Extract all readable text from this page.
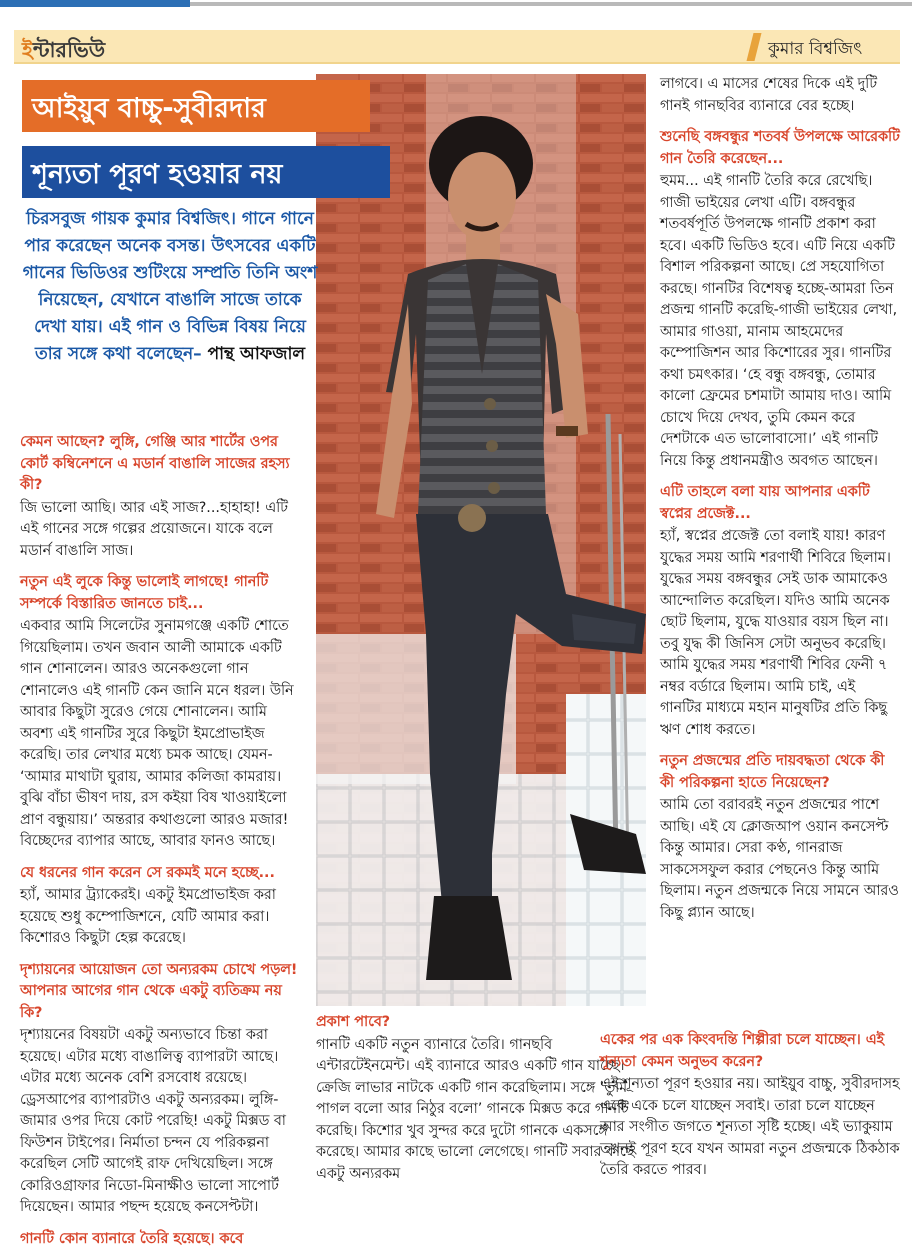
ইন্টারভিউ	কুমার বিশ্বজিৎ
আইয়ুব বাচ্চু-সুবীরদার
শূন্যতা পূরণ হওয়ার নয়
চিরসবুজ গায়ক কুমার বিশ্বজিৎ। গানে গানে পার করেছেন অনেক বসন্ত। উৎসবের একটি গানের ভিডিওর শুটিংয়ে সম্প্রতি তিনি অংশ নিয়েছেন, যেখানে বাঙালি সাজে তাকে দেখা যায়। এই গান ও বিভিন্ন বিষয় নিয়ে তার সঙ্গে কথা বলেছেন– পান্থ আফজাল

কেমন আছেন? লুঙ্গি, গেঞ্জি আর শার্টের ওপর কোর্ট কম্বিনেশনে এ মডার্ন বাঙালি সাজের রহস্য কী?

জি ভালো আছি। আর এই সাজ?...হাহাহা! এটি এই গানের সঙ্গে গল্পের প্রয়োজনে। যাকে বলে মডার্ন বাঙালি সাজ।

নতুন এই লুকে কিন্তু ভালোই লাগছে! গানটি সম্পর্কে বিস্তারিত জানতে চাই...

একবার আমি সিলেটের সুনামগঞ্জে একটি শোতে গিয়েছিলাম। তখন জবান আলী আমাকে একটি গান শোনালেন। আরও অনেকগুলো গান শোনালেও এই গানটি কেন জানি মনে ধরল। উনি আবার কিছুটা সুরেও গেয়ে শোনালেন। আমি অবশ্য এই গানটির সুরে কিছুটা ইমপ্রোভাইজ করেছি। তার লেখার মধ্যে চমক আছে। যেমন- ‘আমার মাথাটা ঘুরায়, আমার কলিজা কামরায়। বুঝি বাঁচা ভীষণ দায়, রস কইয়া বিষ খাওয়াইলো প্রাণ বন্ধুয়ায়।’ অন্তরার কথাগুলো আরও মজার! বিচ্ছেদের ব্যাপার আছে, আবার ফানও আছে।

যে ধরনের গান করেন সে রকমই মনে হচ্ছে...

হ্যাঁ, আমার ট্র্যাকেরই। একটু ইমপ্রোভাইজ করা হয়েছে শুধু কম্পোজিশনে, যেটি আমার করা। কিশোরও কিছুটা হেল্প করেছে।

দৃশ্যায়নের আয়োজন তো অন্যরকম চোখে পড়ল! আপনার আগের গান থেকে একটু ব্যতিক্রম নয় কি?

দৃশ্যায়নের বিষয়টা একটু অন্যভাবে চিন্তা করা হয়েছে। এটার মধ্যে বাঙালিত্ব ব্যাপারটা আছে। এটার মধ্যে অনেক বেশি রসবোধ রয়েছে। ড্রেসআপের ব্যাপারটাও একটু অন্যরকম। লুঙ্গি-জামার ওপর দিয়ে কোট পরেছি! একটু মিক্সড বা ফিউশন টাইপের। নির্মাতা চন্দন যে পরিকল্পনা করেছিল সেটি আগেই রাফ দেখিয়েছিল। সঙ্গে কোরিওগ্রাফার নিডো-মিনাক্ষীও ভালো সাপোর্ট দিয়েছেন। আমার পছন্দ হয়েছে কনসেপ্টটা।

গানটি কোন ব্যানারে তৈরি হয়েছে। কবে

প্রকাশ পাবে?

গানটি একটি নতুন ব্যানারে তৈরি। গানছবি এন্টারটেইনমেন্ট। এই ব্যানারে আরও একটি গান যাচ্ছে। ক্রেজি লাভার নাটকে একটি গান করেছিলাম। সঙ্গে ‘তুমি পাগল বলো আর নিঠুর বলো’ গানকে মিক্সড করে গানটি করেছি। কিশোর খুব সুন্দর করে দুটো গানকে একসঙ্গে করেছে। আমার কাছে ভালো লেগেছে। গানটি সবার কাছে একটু অন্যরকম

লাগবে। এ মাসের শেষের দিকে এই দুটি গানই গানছবির ব্যানারে বের হচ্ছে।

শুনেছি বঙ্গবন্ধুর শতবর্ষ উপলক্ষে আরেকটি গান তৈরি করেছেন...

হুমম... এই গানটি তৈরি করে রেখেছি। গাজী ভাইয়ের লেখা এটি। বঙ্গবন্ধুর শতবর্ষপূর্তি উপলক্ষে গানটি প্রকাশ করা হবে। একটি ভিডিও হবে। এটি নিয়ে একটি বিশাল পরিকল্পনা আছে। প্রে সহযোগিতা করছে। গানটির বিশেষত্ব হচ্ছে-আমরা তিন প্রজন্ম গানটি করেছি-গাজী ভাইয়ের লেখা, আমার গাওয়া, মানাম আহমেদের কম্পোজিশন আর কিশোরের সুর। গানটির কথা চমৎকার। ‘হে বন্ধু বঙ্গবন্ধু, তোমার কালো ফ্রেমের চশমাটা আমায় দাও। আমি চোখে দিয়ে দেখব, তুমি কেমন করে দেশটাকে এত ভালোবাসো।’ এই গানটি নিয়ে কিন্তু প্রধানমন্ত্রীও অবগত আছেন।

এটি তাহলে বলা যায় আপনার একটি স্বপ্নের প্রজেক্ট...

হ্যাঁ, স্বপ্নের প্রজেক্ট তো বলাই যায়! কারণ যুদ্ধের সময় আমি শরণার্থী শিবিরে ছিলাম। যুদ্ধের সময় বঙ্গবন্ধুর সেই ডাক আমাকেও আন্দোলিত করেছিল। যদিও আমি অনেক ছোট ছিলাম, যুদ্ধে যাওয়ার বয়স ছিল না। তবু যুদ্ধ কী জিনিস সেটা অনুভব করেছি। আমি যুদ্ধের সময় শরণার্থী শিবির ফেনী ৭ নম্বর বর্ডারে ছিলাম। আমি চাই, এই গানটির মাধ্যমে মহান মানুষটির প্রতি কিছু ঋণ শোধ করতে।

নতুন প্রজন্মের প্রতি দায়বদ্ধতা থেকে কী কী পরিকল্পনা হাতে নিয়েছেন?

আমি তো বরাবরই নতুন প্রজন্মের পাশে আছি। এই যে ক্লোজআপ ওয়ান কনসেপ্ট কিন্তু আমার। সেরা কণ্ঠ, গানরাজ সাকসেসফুল করার পেছনেও কিন্তু আমি ছিলাম। নতুন প্রজন্মকে নিয়ে সামনে আরও কিছু প্ল্যান আছে।

একের পর এক কিংবদন্তি শিল্পীরা চলে যাচ্ছেন। এই শূন্যতা কেমন অনুভব করেন?

এই শূন্যতা পূরণ হওয়ার নয়। আইয়ুব বাচ্চু, সুবীরদাসহ একে একে চলে যাচ্ছেন সবাই। তারা চলে যাচ্ছেন আর সংগীত জগতে শূন্যতা সৃষ্টি হচ্ছে। এই ভ্যাকুয়াম তখনই পূরণ হবে যখন আমরা নতুন প্রজন্মকে ঠিকঠাক তৈরি করতে পারব।
